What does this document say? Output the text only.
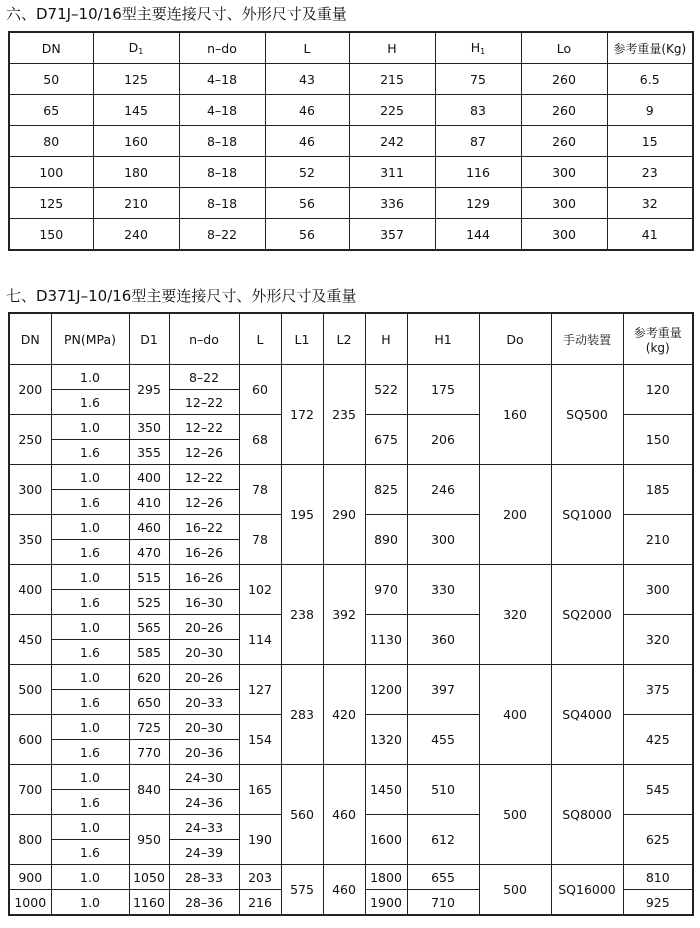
六、D71J–10/16型主要连接尺寸、外形尺寸及重量
DN	$D_1$	n–do	L	H	$H_1$	Lo	参考重量(Kg)
50	125	4–18	43	215	75	260	6.5
65	145	4–18	46	225	83	260	9
80	160	8–18	46	242	87	260	15
100	180	8–18	52	311	116	300	23
125	210	8–18	56	336	129	300	32
150	240	8–22	56	357	144	300	41
七、D371J–10/16型主要连接尺寸、外形尺寸及重量
DN	PN(MPa)	D1	n–do	L	L1	L2	H	H1	Do	手动装置	参考重量
(kg)

200	1.0	295	8–22	60	172	235	522	175	160	SQ500	120
	1.6		12–22								
250	1.0	350	12–22	68			675	206			150
	1.6	355	12–26								
300	1.0	400	12–22	78	195	290	825	246	200	SQ1000	185
	1.6	410	12–26								
350	1.0	460	16–22	78			890	300			210
	1.6	470	16–26								
400	1.0	515	16–26	102	238	392	970	330	320	SQ2000	300
	1.6	525	16–30								
450	1.0	565	20–26	114			1130	360			320
	1.6	585	20–30								
500	1.0	620	20–26	127	283	420	1200	397	400	SQ4000	375
	1.6	650	20–33								
600	1.0	725	20–30	154			1320	455			425
	1.6	770	20–36								
700	1.0	840	24–30	165	560	460	1450	510	500	SQ8000	545
	1.6		24–36								
800	1.0	950	24–33	190			1600	612			625
	1.6		24–39								
900	1.0	1050	28–33	203	575	460	1800	655	500	SQ16000	810
1000	1.0	1160	28–36	216			1900	710			925
